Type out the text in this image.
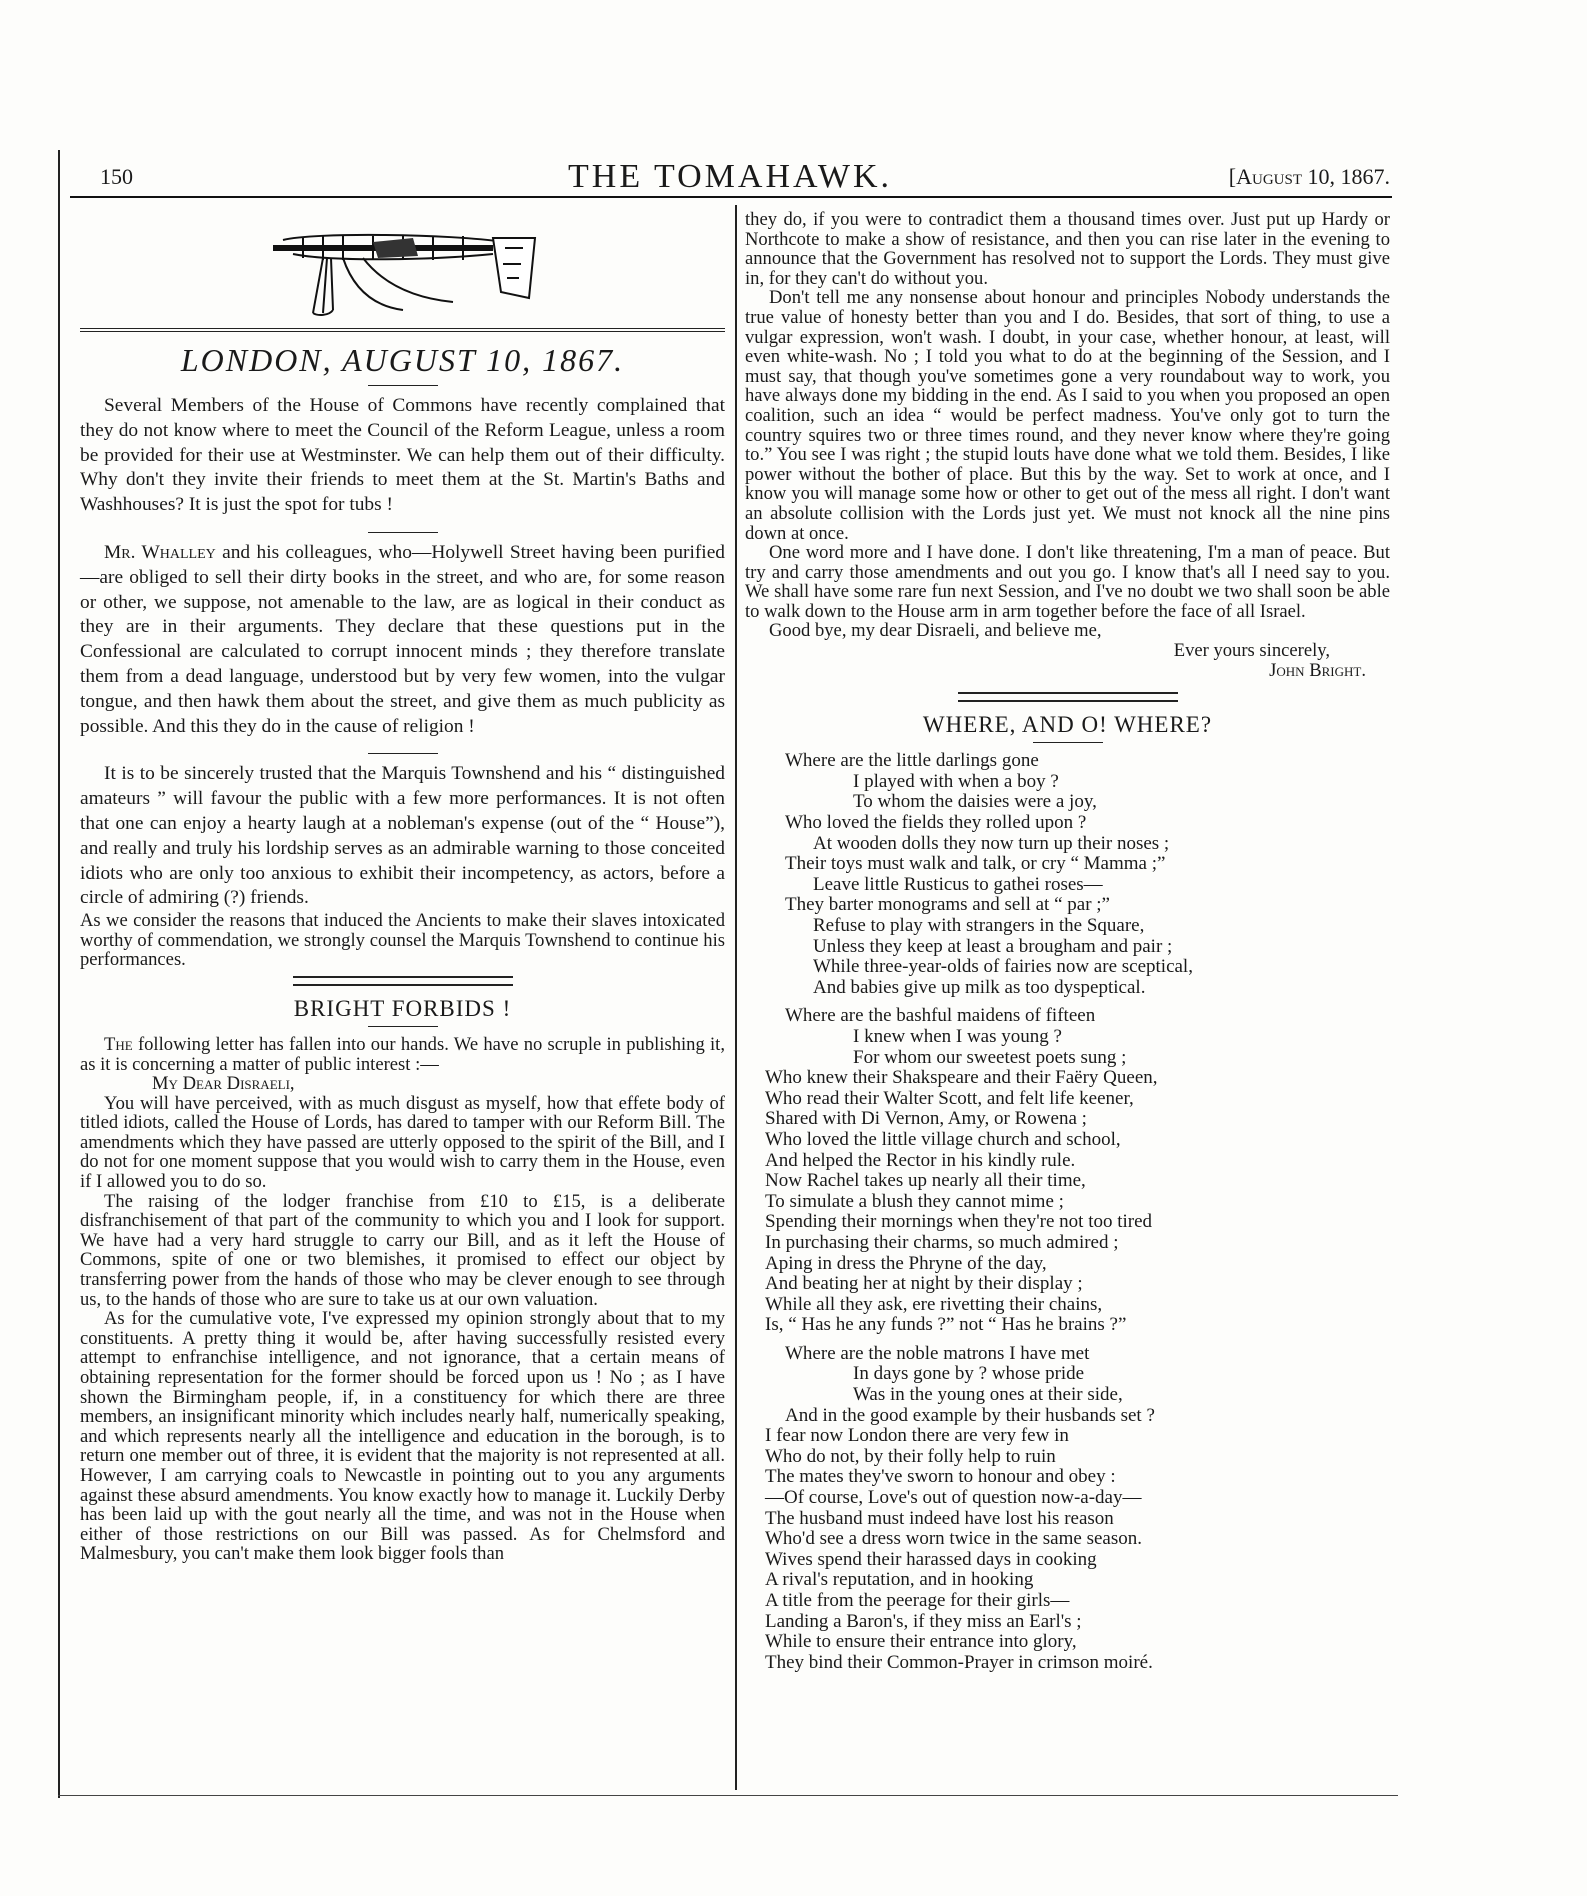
150	THE TOMAHAWK.	[August 10, 1867.
LONDON, AUGUST 10, 1867.

Several Members of the House of Commons have recently complained that they do not know where to meet the Council of the Reform League, unless a room be provided for their use at Westminster. We can help them out of their difficulty. Why don't they invite their friends to meet them at the St. Martin's Baths and Washhouses? It is just the spot for tubs !

Mr. Whalley and his colleagues, who—Holywell Street having been purified—are obliged to sell their dirty books in the street, and who are, for some reason or other, we suppose, not amenable to the law, are as logical in their conduct as they are in their arguments. They declare that these questions put in the Confessional are calculated to corrupt innocent minds ; they therefore translate them from a dead language, understood but by very few women, into the vulgar tongue, and then hawk them about the street, and give them as much publicity as possible. And this they do in the cause of religion !

It is to be sincerely trusted that the Marquis Townshend and his “ distinguished amateurs ” will favour the public with a few more performances. It is not often that one can enjoy a hearty laugh at a nobleman's expense (out of the “ House”), and really and truly his lordship serves as an admirable warning to those conceited idiots who are only too anxious to exhibit their incompetency, as actors, before a circle of admiring (?) friends.

As we consider the reasons that induced the Ancients to make their slaves intoxicated worthy of commendation, we strongly counsel the Marquis Townshend to continue his performances.

BRIGHT FORBIDS !

The following letter has fallen into our hands. We have no scruple in publishing it, as it is concerning a matter of public interest :—

My Dear Disraeli,

You will have perceived, with as much disgust as myself, how that effete body of titled idiots, called the House of Lords, has dared to tamper with our Reform Bill. The amendments which they have passed are utterly opposed to the spirit of the Bill, and I do not for one moment suppose that you would wish to carry them in the House, even if I allowed you to do so.

The raising of the lodger franchise from £10 to £15, is a deliberate disfranchisement of that part of the community to which you and I look for support. We have had a very hard struggle to carry our Bill, and as it left the House of Commons, spite of one or two blemishes, it promised to effect our object by transferring power from the hands of those who may be clever enough to see through us, to the hands of those who are sure to take us at our own valuation.

As for the cumulative vote, I've expressed my opinion strongly about that to my constituents. A pretty thing it would be, after having successfully resisted every attempt to enfranchise intelligence, and not ignorance, that a certain means of obtaining representation for the former should be forced upon us ! No ; as I have shown the Birmingham people, if, in a constituency for which there are three members, an insignificant minority which includes nearly half, numerically speaking, and which represents nearly all the intelligence and education in the borough, is to return one member out of three, it is evident that the majority is not represented at all. However, I am carrying coals to Newcastle in pointing out to you any arguments against these absurd amendments. You know exactly how to manage it. Luckily Derby has been laid up with the gout nearly all the time, and was not in the House when either of those restrictions on our Bill was passed. As for Chelmsford and Malmesbury, you can't make them look bigger fools than

they do, if you were to contradict them a thousand times over. Just put up Hardy or Northcote to make a show of resistance, and then you can rise later in the evening to announce that the Government has resolved not to support the Lords. They must give in, for they can't do without you.

Don't tell me any nonsense about honour and principles Nobody understands the true value of honesty better than you and I do. Besides, that sort of thing, to use a vulgar expression, won't wash. I doubt, in your case, whether honour, at least, will even white-wash. No ; I told you what to do at the beginning of the Session, and I must say, that though you've sometimes gone a very roundabout way to work, you have always done my bidding in the end. As I said to you when you proposed an open coalition, such an idea “ would be perfect madness. You've only got to turn the country squires two or three times round, and they never know where they're going to.” You see I was right ; the stupid louts have done what we told them. Besides, I like power without the bother of place. But this by the way. Set to work at once, and I know you will manage some how or other to get out of the mess all right. I don't want an absolute collision with the Lords just yet. We must not knock all the nine pins down at once.

One word more and I have done. I don't like threatening, I'm a man of peace. But try and carry those amendments and out you go. I know that's all I need say to you. We shall have some rare fun next Session, and I've no doubt we two shall soon be able to walk down to the House arm in arm together before the face of all Israel.

Good bye, my dear Disraeli, and believe me,

Ever yours sincerely,

John Bright.

WHERE, AND O! WHERE?
Where are the little darlings gone
I played with when a boy ?
To whom the daisies were a joy,
Who loved the fields they rolled upon ?
At wooden dolls they now turn up their noses ;
Their toys must walk and talk, or cry “ Mamma ;”
Leave little Rusticus to gathei roses—
They barter monograms and sell at “ par ;”
Refuse to play with strangers in the Square,
Unless they keep at least a brougham and pair ;
While three-year-olds of fairies now are sceptical,
And babies give up milk as too dyspeptical.
Where are the bashful maidens of fifteen
I knew when I was young ?
For whom our sweetest poets sung ;
Who knew their Shakspeare and their Faëry Queen,
Who read their Walter Scott, and felt life keener,
Shared with Di Vernon, Amy, or Rowena ;
Who loved the little village church and school,
And helped the Rector in his kindly rule.
Now Rachel takes up nearly all their time,
To simulate a blush they cannot mime ;
Spending their mornings when they're not too tired
In purchasing their charms, so much admired ;
Aping in dress the Phryne of the day,
And beating her at night by their display ;
While all they ask, ere rivetting their chains,
Is, “ Has he any funds ?” not “ Has he brains ?”
Where are the noble matrons I have met
In days gone by ? whose pride
Was in the young ones at their side,
And in the good example by their husbands set ?
I fear now London there are very few in
Who do not, by their folly help to ruin
The mates they've sworn to honour and obey :
—Of course, Love's out of question now-a-day—
The husband must indeed have lost his reason
Who'd see a dress worn twice in the same season.
Wives spend their harassed days in cooking
A rival's reputation, and in hooking
A title from the peerage for their girls—
Landing a Baron's, if they miss an Earl's ;
While to ensure their entrance into glory,
They bind their Common-Prayer in crimson moiré.
